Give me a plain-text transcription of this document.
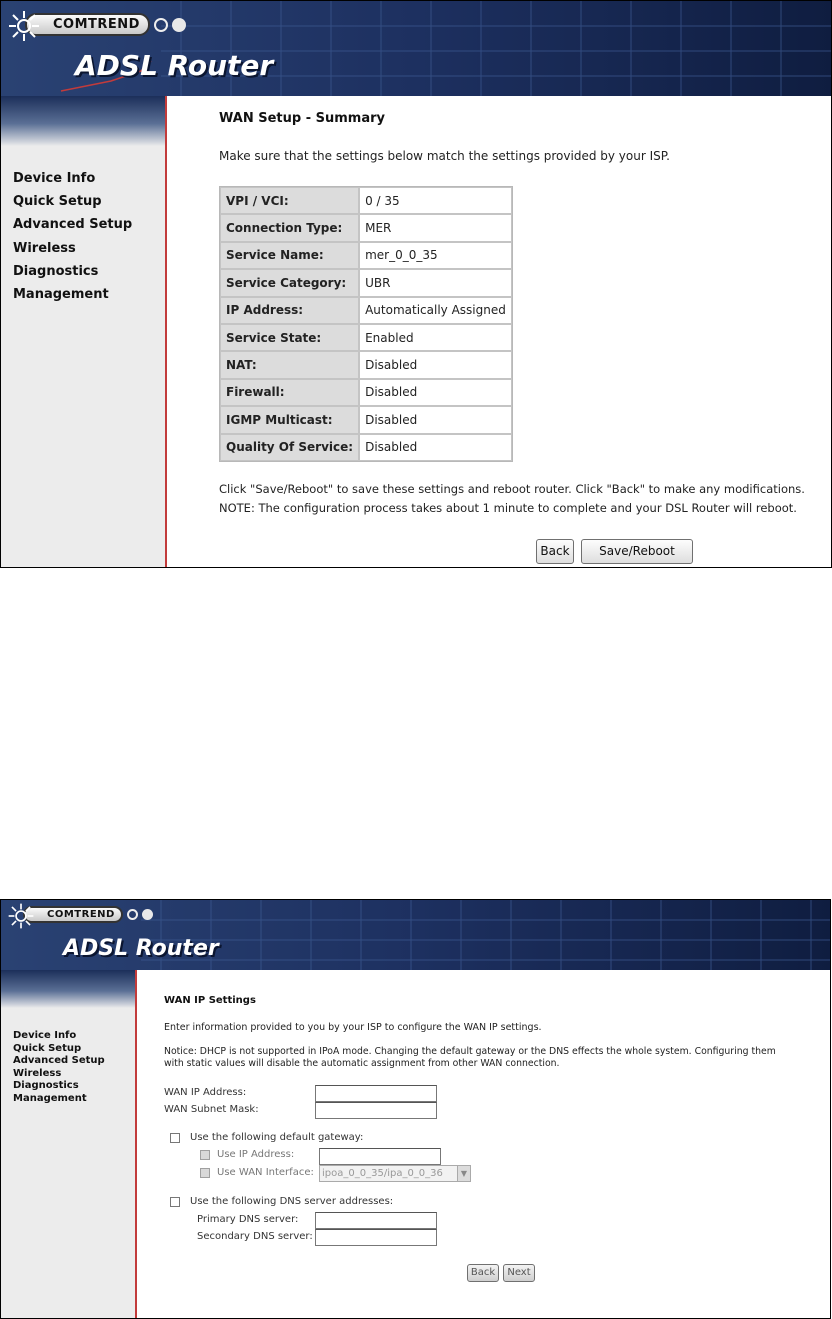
COMTREND
ADSL Router
Device Info
Quick Setup
Advanced Setup
Wireless
Diagnostics
Management
WAN Setup - Summary
Make sure that the settings below match the settings provided by your ISP.
VPI / VCI:	0 / 35
Connection Type:	MER
Service Name:	mer_0_0_35
Service Category:	UBR
IP Address:	Automatically Assigned
Service State:	Enabled
NAT:	Disabled
Firewall:	Disabled
IGMP Multicast:	Disabled
Quality Of Service:	Disabled
Click "Save/Reboot" to save these settings and reboot router. Click "Back" to make any modifications.
NOTE: The configuration process takes about 1 minute to complete and your DSL Router will reboot.
Back	Save/Reboot
COMTREND
ADSL Router
Device Info
Quick Setup
Advanced Setup
Wireless
Diagnostics
Management
WAN IP Settings
Enter information provided to you by your ISP to configure the WAN IP settings.
Notice: DHCP is not supported in IPoA mode. Changing the default gateway or the DNS effects the whole system. Configuring them
with static values will disable the automatic assignment from other WAN connection.
WAN IP Address:
WAN Subnet Mask:
Use the following default gateway:
Use IP Address:
Use WAN Interface: ipoa_0_0_35/ipa_0_0_36	▼
Use the following DNS server addresses:
Primary DNS server:
Secondary DNS server:
Back	Next
